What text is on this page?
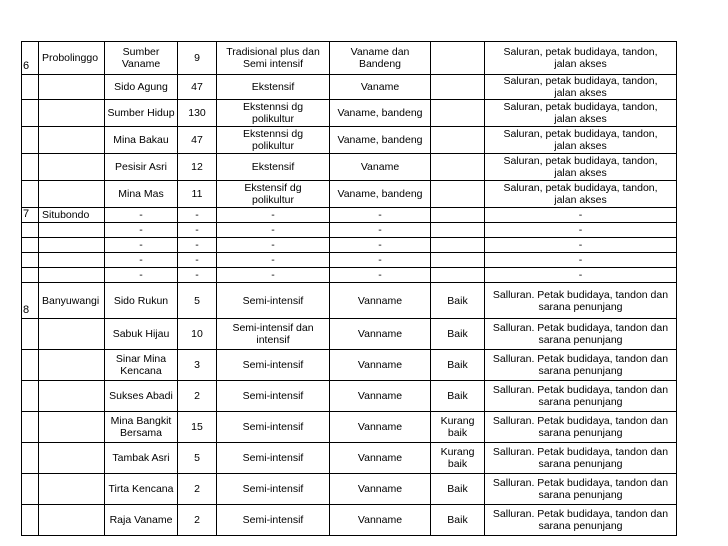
6	Probolinggo	Sumber
Vaname	9	Tradisional plus dan
Semi intensif	Vaname dan
Bandeng		Saluran, petak budidaya, tandon,
jalan akses
		Sido Agung	47	Ekstensif	Vaname		Saluran, petak budidaya, tandon,
jalan akses
		Sumber Hidup	130	Ekstennsi dg
polikultur	Vaname, bandeng		Saluran, petak budidaya, tandon,
jalan akses
		Mina Bakau	47	Ekstennsi dg
polikultur	Vaname, bandeng		Saluran, petak budidaya, tandon,
jalan akses
		Pesisir Asri	12	Ekstensif	Vaname		Saluran, petak budidaya, tandon,
jalan akses
		Mina Mas	11	Ekstensif dg
polikultur	Vaname, bandeng		Saluran, petak budidaya, tandon,
jalan akses
7	Situbondo	-	-	-	-		-
		-	-	-	-		-
		-	-	-	-		-
		-	-	-	-		-
		-	-	-	-		-
8	Banyuwangi	Sido Rukun	5	Semi-intensif	Vanname	Baik	Salluran. Petak budidaya, tandon dan
sarana penunjang
		Sabuk Hijau	10	Semi-intensif dan
intensif	Vanname	Baik	Salluran. Petak budidaya, tandon dan
sarana penunjang
		Sinar Mina
Kencana	3	Semi-intensif	Vanname	Baik	Salluran. Petak budidaya, tandon dan
sarana penunjang
		Sukses Abadi	2	Semi-intensif	Vanname	Baik	Salluran. Petak budidaya, tandon dan
sarana penunjang
		Mina Bangkit
Bersama	15	Semi-intensif	Vanname	Kurang
baik	Salluran. Petak budidaya, tandon dan
sarana penunjang
		Tambak Asri	5	Semi-intensif	Vanname	Kurang
baik	Salluran. Petak budidaya, tandon dan
sarana penunjang
		Tirta Kencana	2	Semi-intensif	Vanname	Baik	Salluran. Petak budidaya, tandon dan
sarana penunjang
		Raja Vaname	2	Semi-intensif	Vanname	Baik	Salluran. Petak budidaya, tandon dan
sarana penunjang
